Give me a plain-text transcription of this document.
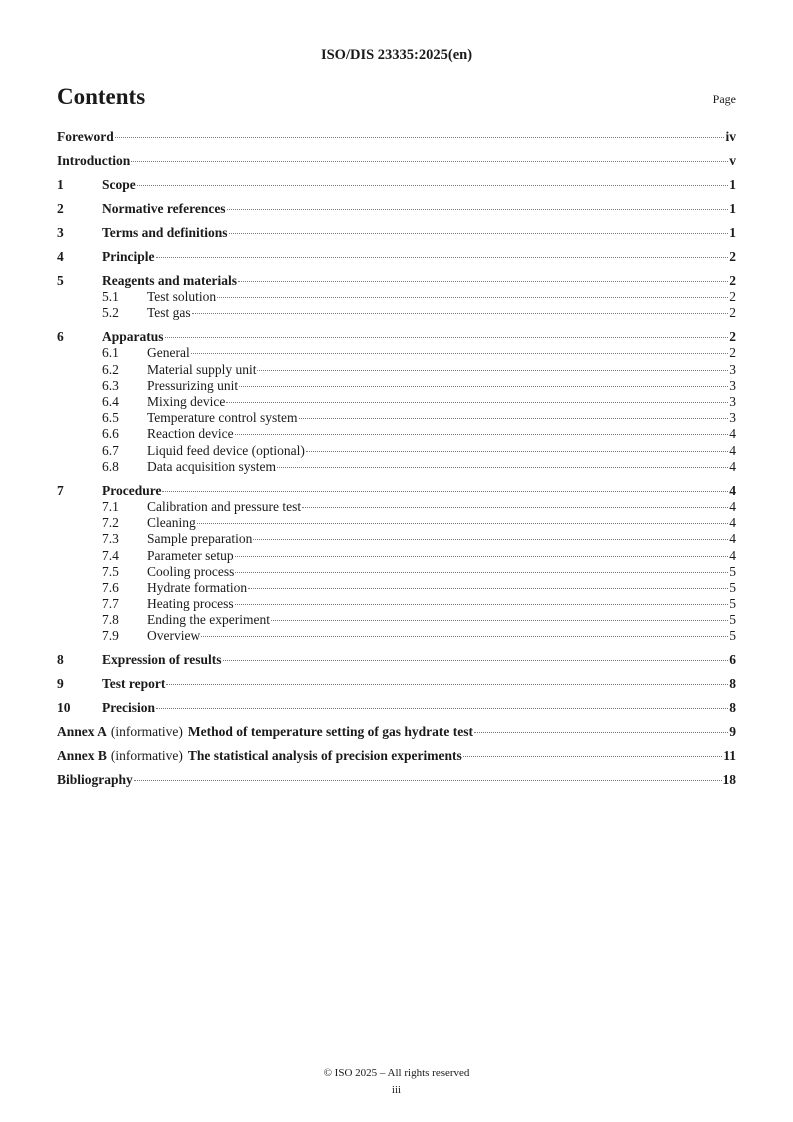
ISO/DIS 23335:2025(en)
Contents	Page
Foreword	iv
Introduction	v
1	Scope	1
2	Normative references	1
3	Terms and definitions	1
4	Principle	2
5	Reagents and materials	2
5.1	Test solution	2
5.2	Test gas	2
6	Apparatus	2
6.1	General	2
6.2	Material supply unit	3
6.3	Pressurizing unit	3
6.4	Mixing device	3
6.5	Temperature control system	3
6.6	Reaction device	4
6.7	Liquid feed device (optional)	4
6.8	Data acquisition system	4
7	Procedure	4
7.1	Calibration and pressure test	4
7.2	Cleaning	4
7.3	Sample preparation	4
7.4	Parameter setup	4
7.5	Cooling process	5
7.6	Hydrate formation	5
7.7	Heating process	5
7.8	Ending the experiment	5
7.9	Overview	5
8	Expression of results	6
9	Test report	8
10	Precision	8
Annex A (informative) Method of temperature setting of gas hydrate test	9
Annex B (informative) The statistical analysis of precision experiments	11
Bibliography	18
© ISO 2025 – All rights reserved
iii
